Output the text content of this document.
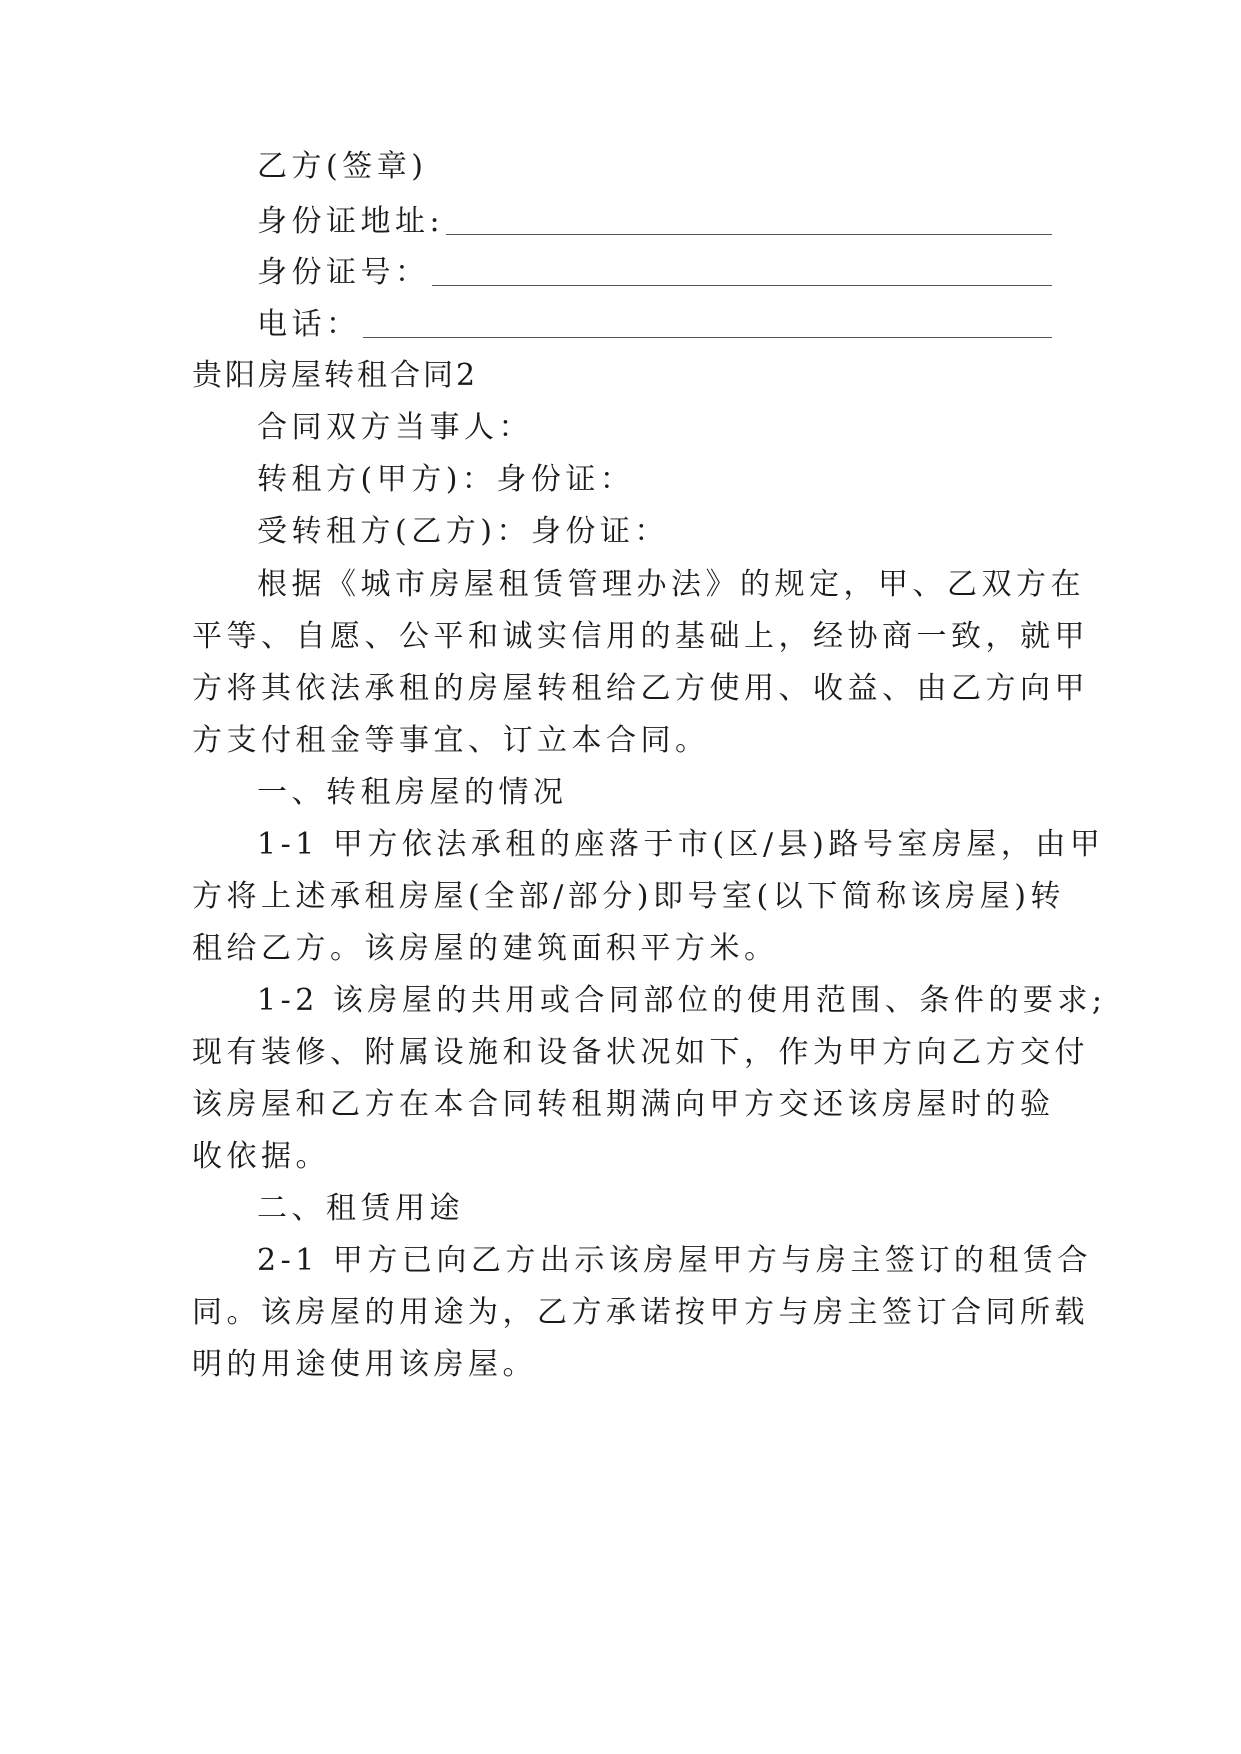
乙方(签章)
身份证地址:
身份证号：
电话：
贵阳房屋转租合同2
合同双方当事人：
转租方(甲方)：身份证：
受转租方(乙方)：身份证：
根据《城市房屋租赁管理办法》的规定，甲、乙双方在
平等、自愿、公平和诚实信用的基础上，经协商一致，就甲
方将其依法承租的房屋转租给乙方使用、收益、由乙方向甲
方支付租金等事宜、订立本合同。
一、转租房屋的情况
1-1 甲方依法承租的座落于市(区/县)路号室房屋，由甲
方将上述承租房屋(全部/部分)即号室(以下简称该房屋)转
租给乙方。该房屋的建筑面积平方米。
1-2 该房屋的共用或合同部位的使用范围、条件的要求;
现有装修、附属设施和设备状况如下，作为甲方向乙方交付
该房屋和乙方在本合同转租期满向甲方交还该房屋时的验
收依据。
二、租赁用途
2-1 甲方已向乙方出示该房屋甲方与房主签订的租赁合
同。该房屋的用途为，乙方承诺按甲方与房主签订合同所载
明的用途使用该房屋。
